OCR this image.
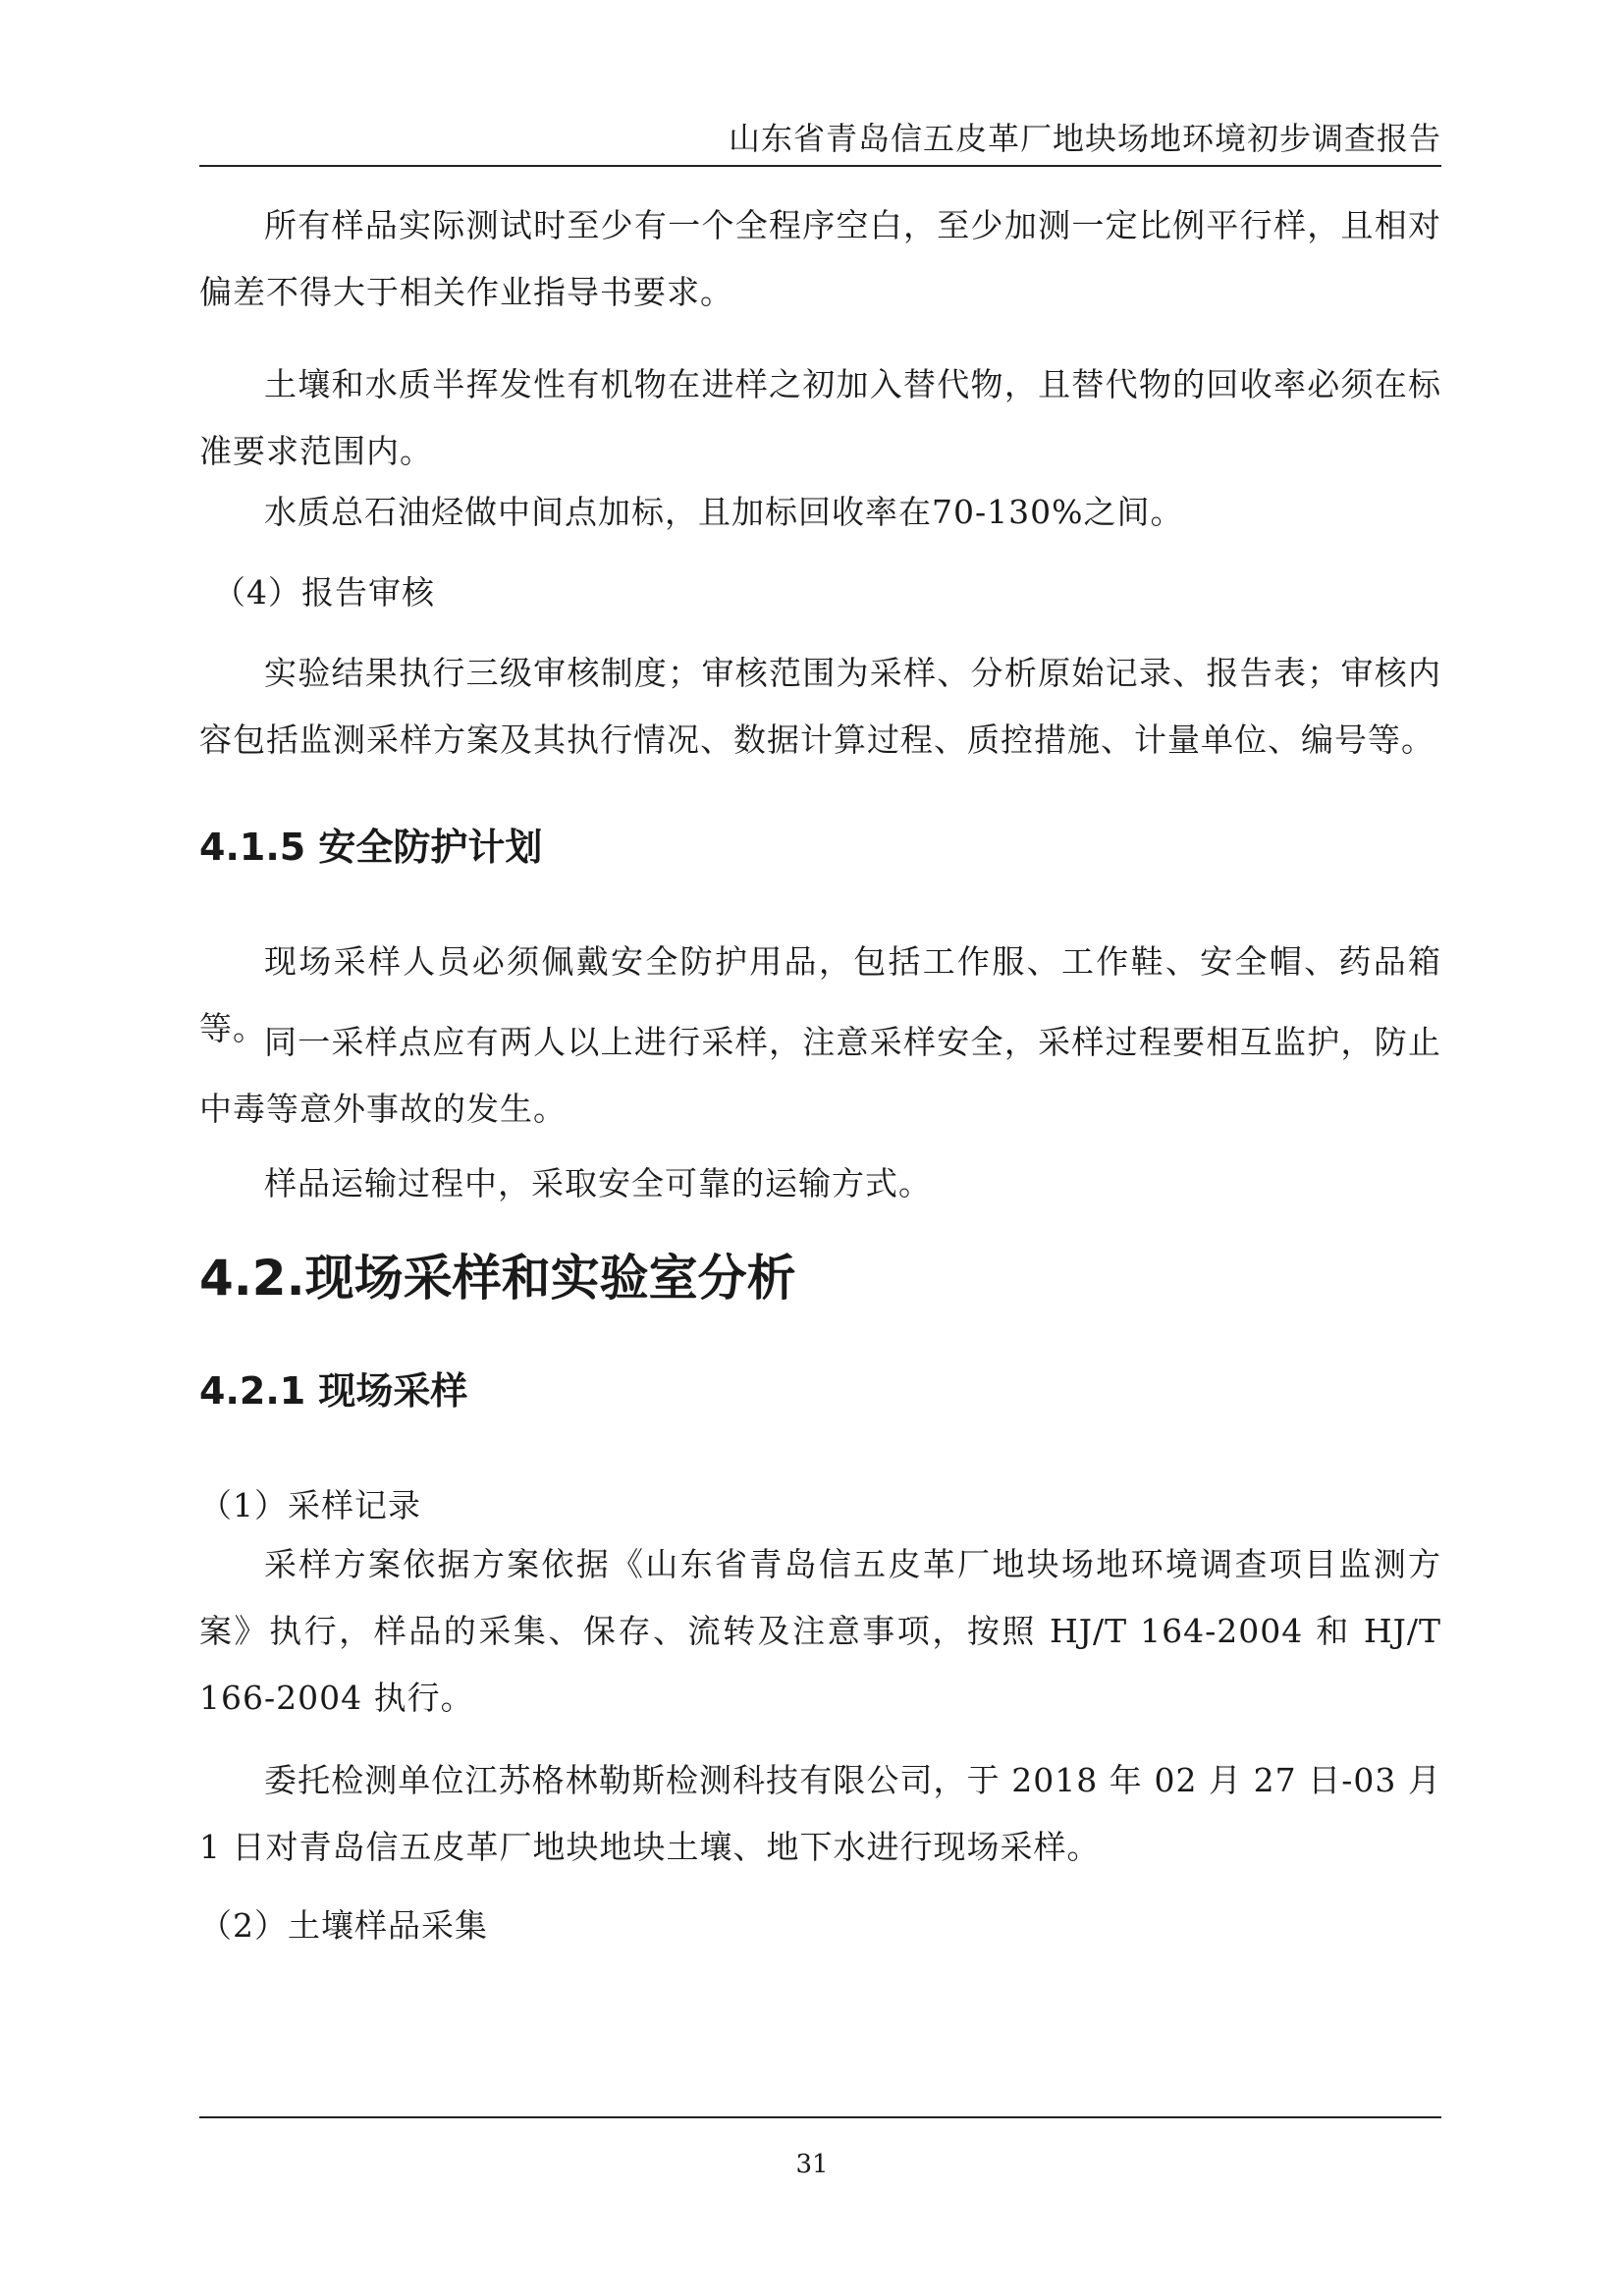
山东省青岛信五皮革厂地块场地环境初步调查报告

所有样品实际测试时至少有一个全程序空白，至少加测一定比例平行样，且相对偏差不得大于相关作业指导书要求。

土壤和水质半挥发性有机物在进样之初加入替代物，且替代物的回收率必须在标准要求范围内。

水质总石油烃做中间点加标，且加标回收率在70-130%之间。

（4）报告审核

实验结果执行三级审核制度；审核范围为采样、分析原始记录、报告表；审核内容包括监测采样方案及其执行情况、数据计算过程、质控措施、计量单位、编号等。

4.1.5 安全防护计划

现场采样人员必须佩戴安全防护用品，包括工作服、工作鞋、安全帽、药品箱等。

同一采样点应有两人以上进行采样，注意采样安全，采样过程要相互监护，防止中毒等意外事故的发生。

样品运输过程中，采取安全可靠的运输方式。

4.2.现场采样和实验室分析
4.2.1 现场采样

（1）采样记录

采样方案依据方案依据《山东省青岛信五皮革厂地块场地环境调查项目监测方案》执行，样品的采集、保存、流转及注意事项，按照 HJ/T 164-2004 和 HJ/T 166-2004 执行。

委托检测单位江苏格林勒斯检测科技有限公司，于 2018 年 02 月 27 日-03 月 1 日对青岛信五皮革厂地块地块土壤、地下水进行现场采样。

（2）土壤样品采集

31
